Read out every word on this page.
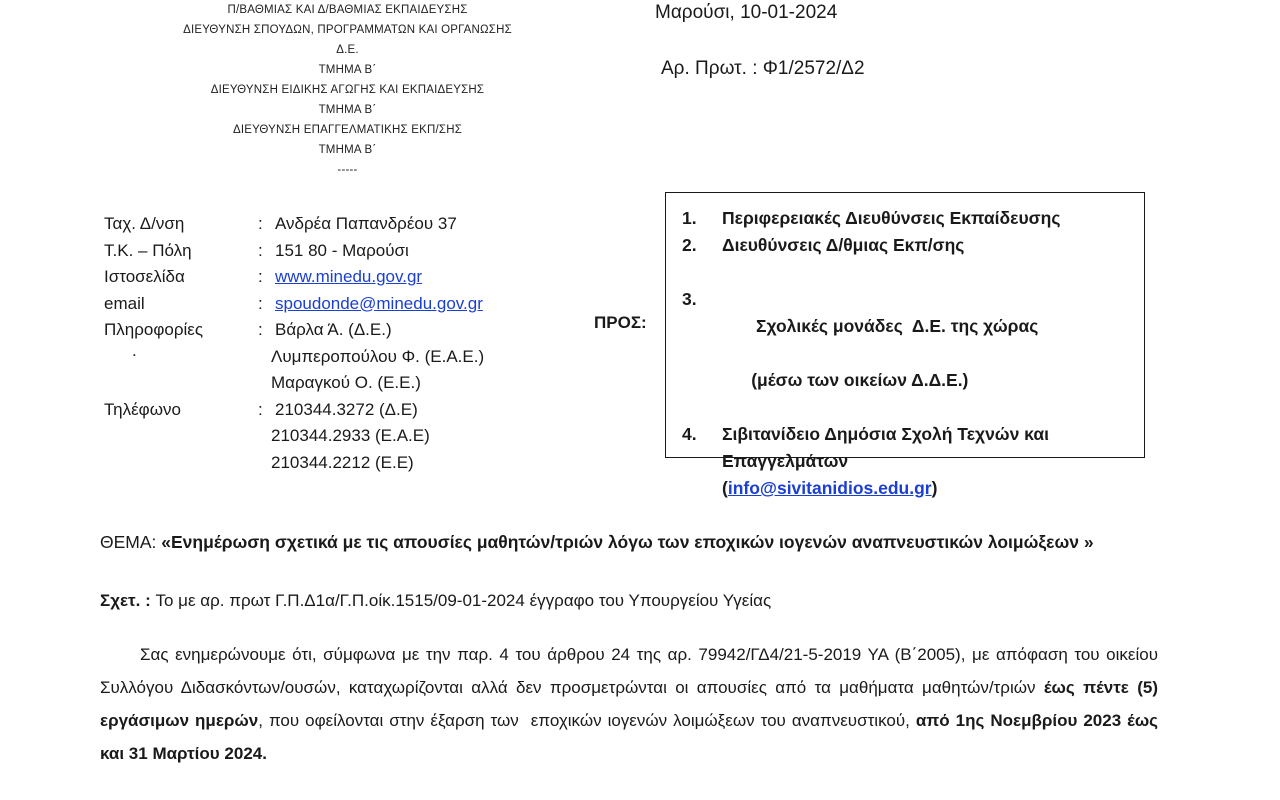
Π/ΒΑΘΜΙΑΣ ΚΑΙ Δ/ΒΑΘΜΙΑΣ ΕΚΠΑΙΔΕΥΣΗΣ
ΔΙΕΥΘΥΝΣΗ ΣΠΟΥΔΩΝ, ΠΡΟΓΡΑΜΜΑΤΩΝ ΚΑΙ ΟΡΓΑΝΩΣΗΣ
Δ.Ε.
ΤΜΗΜΑ Β΄
ΔΙΕΥΘΥΝΣΗ ΕΙΔΙΚΗΣ ΑΓΩΓΗΣ ΚΑΙ ΕΚΠΑΙΔΕΥΣΗΣ
ΤΜΗΜΑ Β΄
ΔΙΕΥΘΥΝΣΗ ΕΠΑΓΓΕΛΜΑΤΙΚΗΣ ΕΚΠ/ΣΗΣ
ΤΜΗΜΑ Β΄
-----
Μαρούσι, 10-01-2024
Αρ. Πρωτ. : Φ1/2572/Δ2
Ταχ. Δ/νση	: Ανδρέα Παπανδρέου 37
Τ.Κ. – Πόλη	: 151 80 - Μαρούσι
Ιστοσελίδα	: www.minedu.gov.gr
email	: spoudonde@minedu.gov.gr
Πληροφορίες	: Βάρλα Ά. (Δ.Ε.)
.	Λυμπεροπούλου Φ. (Ε.Α.Ε.)
Μαραγκού Ο. (Ε.Ε.)
Τηλέφωνο	: 210344.3272 (Δ.Ε)
210344.2933 (Ε.Α.Ε)
210344.2212 (Ε.Ε)
ΠΡΟΣ:
1. Περιφερειακές Διευθύνσεις Εκπαίδευσης
2. Διευθύνσεις Δ/θμιας Εκπ/σης

3.

Σχολικές μονάδες  Δ.Ε. της χώρας

(μέσω των οικείων Δ.Δ.Ε.)

4. Σιβιτανίδειο Δημόσια Σχολή Τεχνών και Επαγγελμάτων
(info@sivitanidios.edu.gr)
ΘΕΜΑ: «Ενημέρωση σχετικά με τις απουσίες μαθητών/τριών λόγω των εποχικών ιογενών αναπνευστικών λοιμώξεων »
Σχετ. : Το με αρ. πρωτ Γ.Π.Δ1α/Γ.Π.οίκ.1515/09-01-2024 έγγραφο του Υπουργείου Υγείας
Σας ενημερώνουμε ότι, σύμφωνα με την παρ. 4 του άρθρου 24 της αρ. 79942/ΓΔ4/21-5-2019 ΥΑ (Β΄2005), με απόφαση του οικείου Συλλόγου Διδασκόντων/ουσών, καταχωρίζονται αλλά δεν προσμετρώνται οι απουσίες από τα μαθήματα μαθητών/τριών έως πέντε (5) εργάσιμων ημερών, που οφείλονται στην έξαρση των  εποχικών ιογενών λοιμώξεων του αναπνευστικού, από 1ης Νοεμβρίου 2023 έως και 31 Μαρτίου 2024.
